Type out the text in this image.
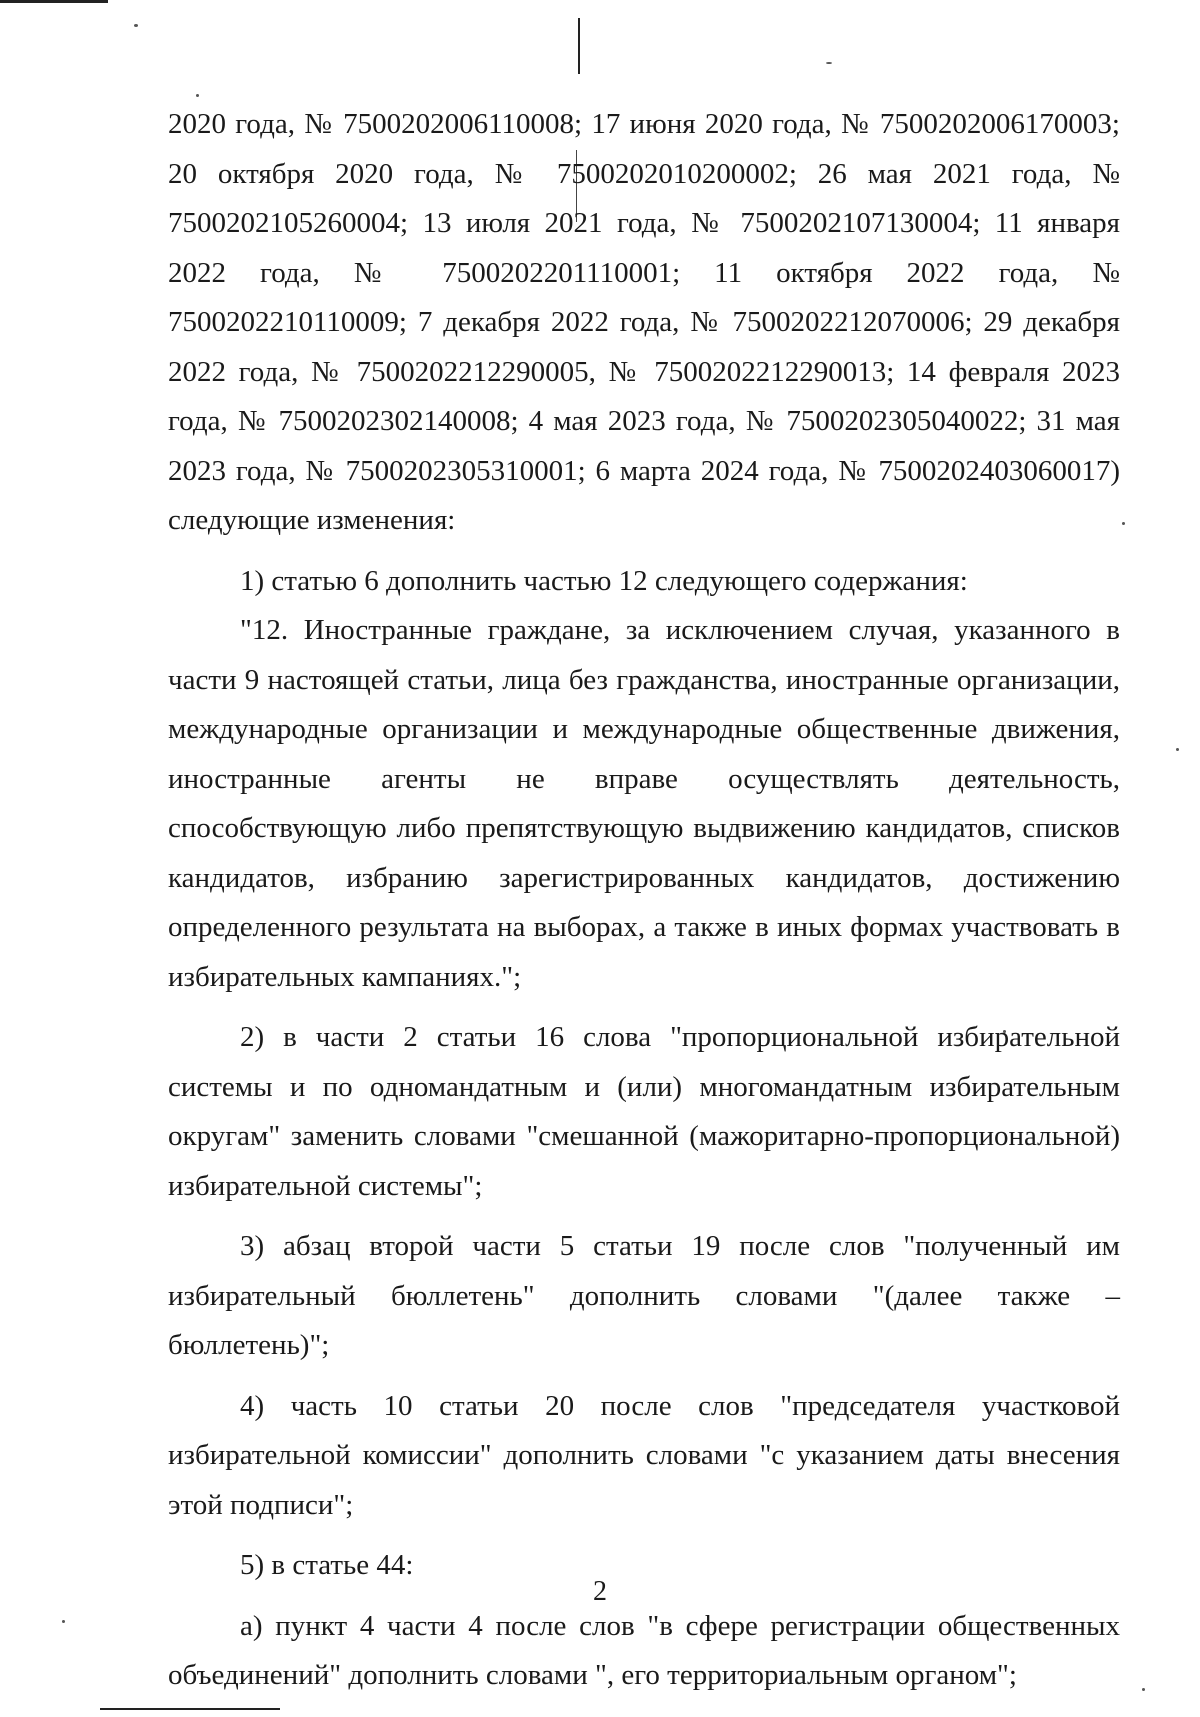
2020 года, № 7500202006110008; 17 июня 2020 года, № 7500202006170003; 20 октября 2020 года, № 7500202010200002; 26 мая 2021 года, № 7500202105260004; 13 июля 2021 года, № 7500202107130004; 11 января 2022 года, № 7500202201110001; 11 октября 2022 года, № 7500202210110009; 7 декабря 2022 года, № 7500202212070006; 29 декабря 2022 года, № 7500202212290005, № 7500202212290013; 14 февраля 2023 года, № 7500202302140008; 4 мая 2023 года, № 7500202305040022; 31 мая 2023 года, № 7500202305310001; 6 марта 2024 года, № 7500202403060017) следующие изменения:

1) статью 6 дополнить частью 12 следующего содержания:

"12. Иностранные граждане, за исключением случая, указанного в части 9 настоящей статьи, лица без гражданства, иностранные организации, международные организации и международные общественные движения, иностранные агенты не вправе осуществлять деятельность, способствующую либо препятствующую выдвижению кандидатов, списков кандидатов, избранию зарегистрированных кандидатов, достижению определенного результата на выборах, а также в иных формах участвовать в избирательных кампаниях.";

2) в части 2 статьи 16 слова "пропорциональной избирательной системы и по одномандатным и (или) многомандатным избирательным округам" заменить словами "смешанной (мажоритарно-пропорциональной) избирательной системы";

3) абзац второй части 5 статьи 19 после слов "полученный им избирательный бюллетень" дополнить словами "(далее также – бюллетень)";

4) часть 10 статьи 20 после слов "председателя участковой избирательной комиссии" дополнить словами "с указанием даты внесения этой подписи";

5) в статье 44:

а) пункт 4 части 4 после слов "в сфере регистрации общественных объединений" дополнить словами ", его территориальным органом";

2
